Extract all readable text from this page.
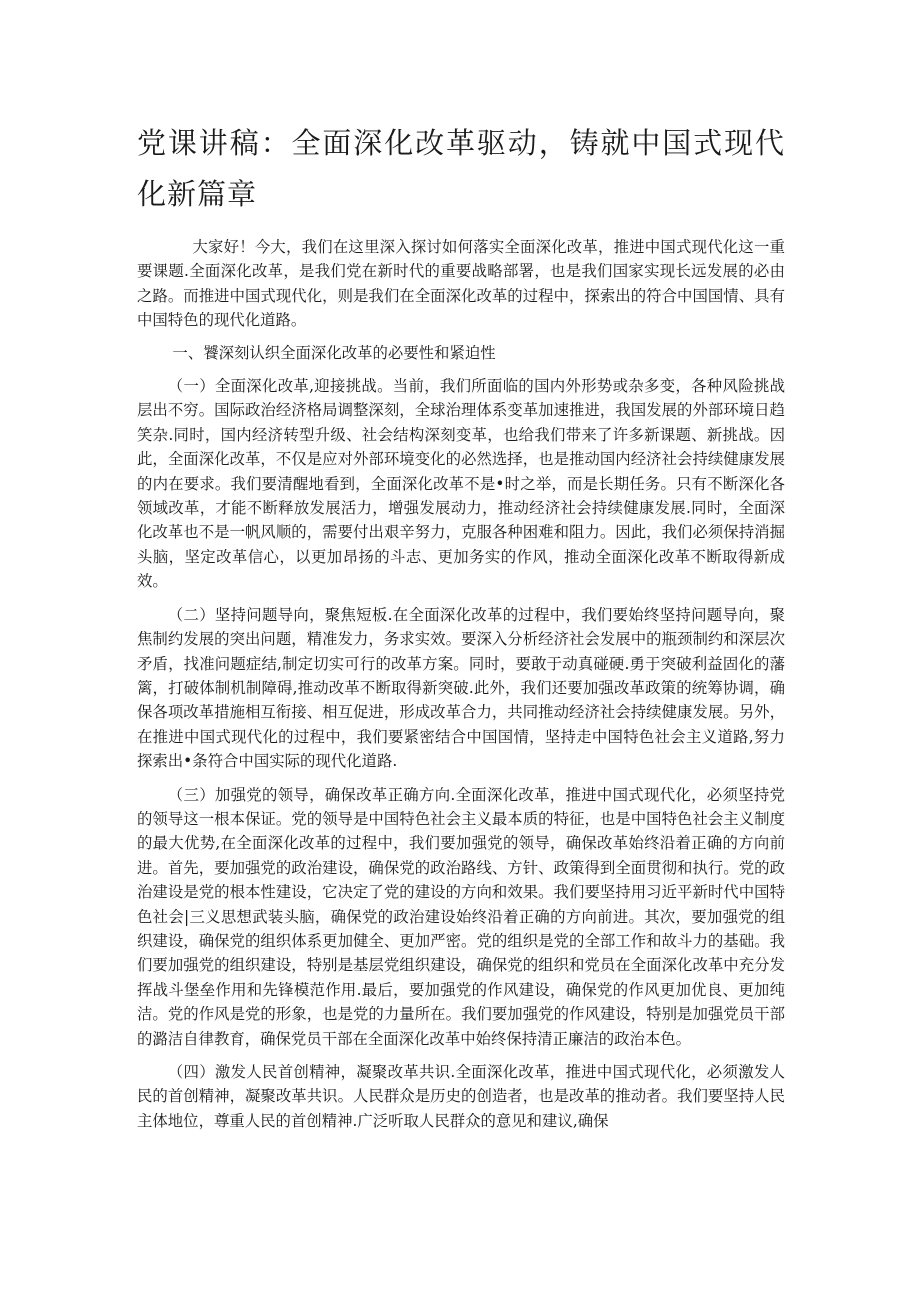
党课讲稿：全面深化改革驱动，铸就中国式现代化新篇章

大家好！今大，我们在这里深入探讨如何落实全面深化改革，推进中国式现代化这一重要课题.全面深化改革，是我们党在新时代的重要战略部署，也是我们国家实现长远发展的必由之路。而推进中国式现代化，则是我们在全面深化改革的过程中，探索出的符合中国国情、具有中国特色的现代化道路。

一、饕深刻认织全面深化改革的必要性和紧迫性

（一）全面深化改革,迎接挑战。当前，我们所面临的国内外形势或杂多变，各种风险挑战层出不穷。国际政治经济格局调整深刻，全球治理体系变革加速推进，我国发展的外部环境日趋笑杂.同时，国内经济转型升级、社会结构深刻变革，也给我们带来了许多新课题、新挑战。因此，全面深化改革，不仅是应对外部环境变化的必然选择，也是推动国内经济社会持续健康发展的内在要求。我们要清醒地看到，全面深化改革不是•时之举，而是长期任务。只有不断深化各领域改革，才能不断释放发展活力，增强发展动力，推动经济社会持续健康发展.同时，全面深化改革也不是一帆风顺的，需要付出艰辛努力，克服各种困难和阻力。因此，我们必须保持消掘头脑，坚定改革信心，以更加昂扬的斗志、更加务实的作风，推动全面深化改革不断取得新成效。

（二）坚持问题导向，聚焦短板.在全面深化改革的过程中，我们要始终坚持问题导向，聚焦制约发展的突出问题，精准发力，务求实效。要深入分析经济社会发展中的瓶颈制约和深层次矛盾，找准问题症结,制定切实可行的改革方案。同时，要敢于动真碰硬.勇于突破利益固化的藩篱，打破体制机制障碍,推动改革不断取得新突破.此外，我们还要加强改革政策的统筹协调，确保各项改革措施相互衔接、相互促进，形成改革合力，共同推动经济社会持续健康发展。另外，在推进中国式现代化的过程中，我们要紧密结合中国国情，坚持走中国特色社会主义道路,努力探索出•条符合中国实际的现代化道路.

（三）加强党的领导，确保改革正确方向.全面深化改革，推进中国式现代化，必须坚持党的领导这一根本保证。党的领导是中国特色社会主义最本质的特征，也是中国特色社会主义制度的最大优势,在全面深化改革的过程中，我们要加强党的领导，确保改革始终沿着正确的方向前进。首先，要加强党的政治建设，确保党的政治路线、方针、政策得到全面贯彻和执行。党的政治建设是党的根本性建设，它决定了党的建设的方向和效果。我们要坚持用习近平新时代中国特色社会|三义思想武装头脑，确保党的政治建设始终沿着正确的方向前进。其次，要加强党的组织建设，确保党的组织体系更加健全、更加严密。党的组织是党的全部工作和故斗力的基础。我们要加强党的组织建设，特别是基层党组织建设，确保党的组织和党员在全面深化改革中充分发挥战斗堡垒作用和先锋模范作用.最后，要加强党的作风建设，确保党的作风更加优良、更加纯洁。党的作风是党的形象，也是党的力量所在。我们要加强党的作风建设，特别是加强党员干部的潞洁自律教育，确保党员干部在全面深化改革中始终保持清正廉洁的政治本色。

（四）激发人民首创精神，凝聚改革共识.全面深化改革，推进中国式现代化，必须激发人民的首创精神，凝聚改革共识。人民群众是历史的创造者，也是改革的推动者。我们要坚持人民主体地位，尊重人民的首创精神.广泛听取人民群众的意见和建议,确保
